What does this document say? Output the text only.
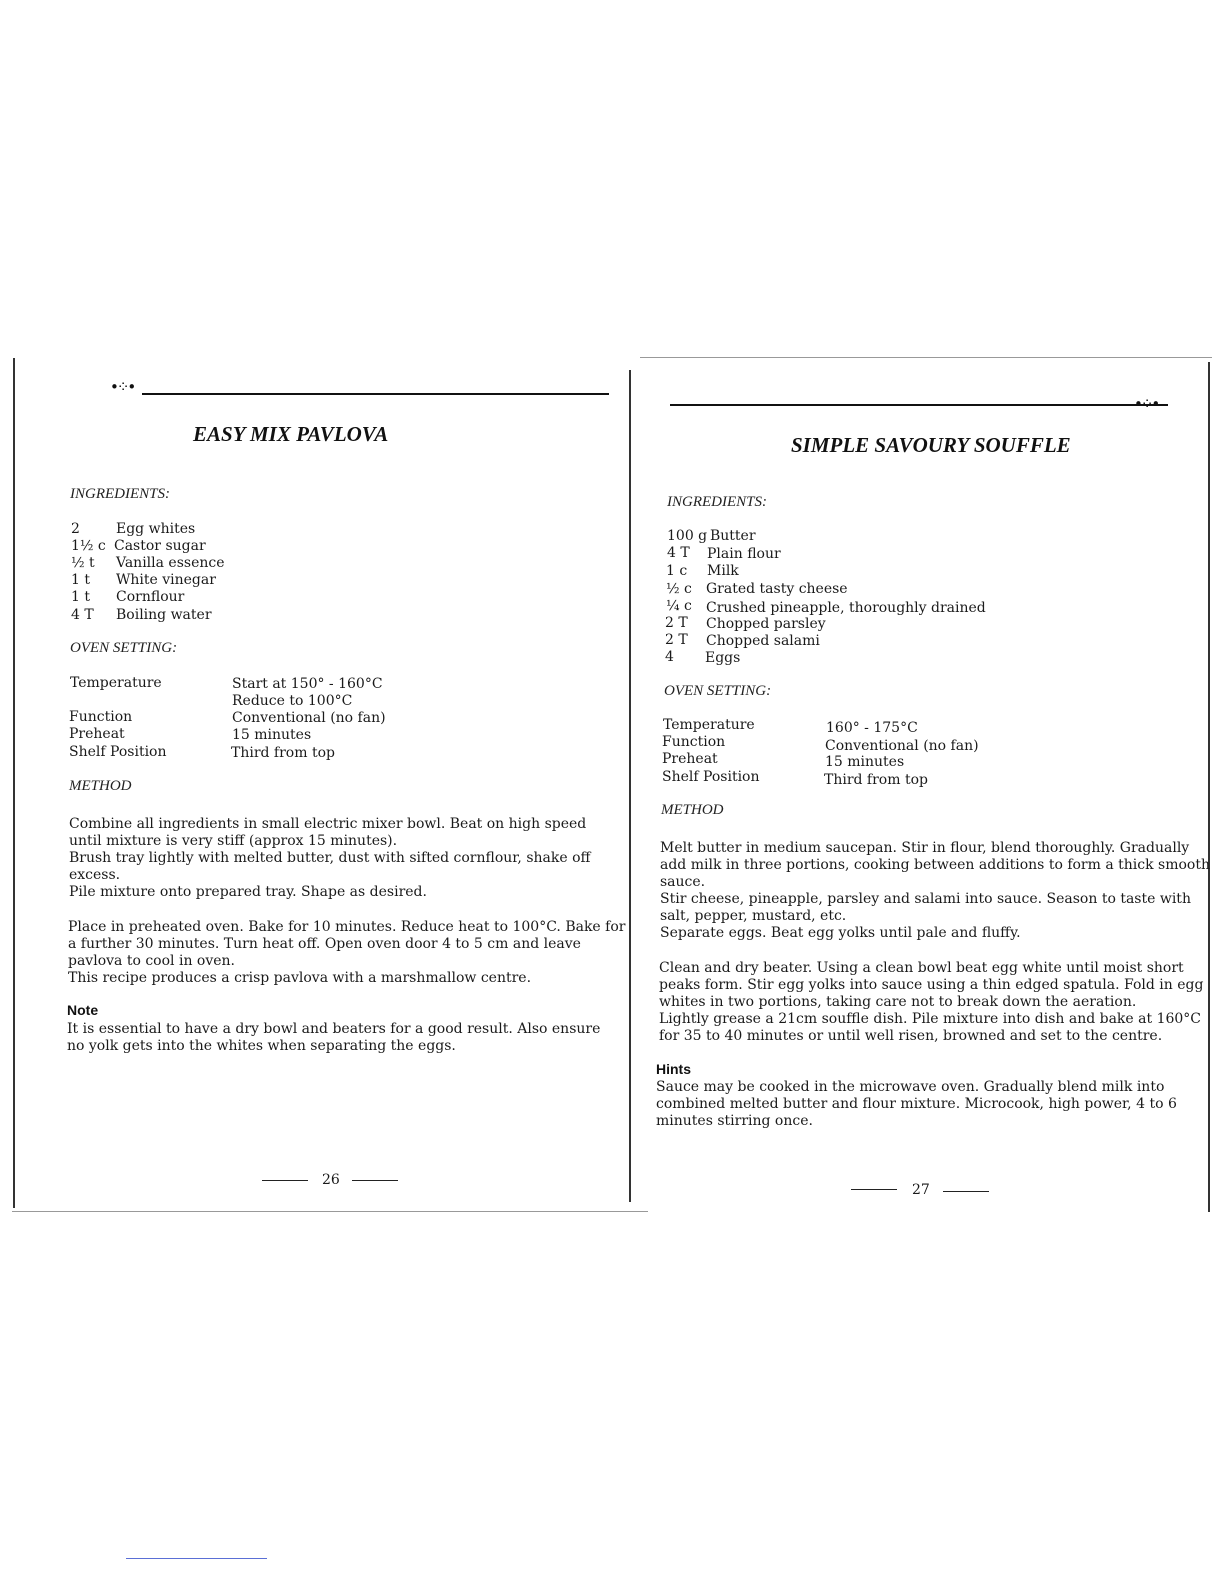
•⁘•
EASY MIX PAVLOVA
INGREDIENTS:
2	Egg whites
1½ c Castor sugar
½ t Vanilla essence
1 t White vinegar
1 t Cornflour
4 T Boiling water
OVEN SETTING:
Temperature	Start at 150° - 160°C
Reduce to 100°C
Function	Conventional (no fan)
Preheat	15 minutes
Shelf Position	Third from top
METHOD
Combine all ingredients in small electric mixer bowl. Beat on high speed
until mixture is very stiff (approx 15 minutes).
Brush tray lightly with melted butter, dust with sifted cornflour, shake off
excess.
Pile mixture onto prepared tray. Shape as desired.
Place in preheated oven. Bake for 10 minutes. Reduce heat to 100°C. Bake for
a further 30 minutes. Turn heat off. Open oven door 4 to 5 cm and leave
pavlova to cool in oven.
This recipe produces a crisp pavlova with a marshmallow centre.
Note
It is essential to have a dry bowl and beaters for a good result. Also ensure
no yolk gets into the whites when separating the eggs.
26
•⁘•
SIMPLE SAVOURY SOUFFLE
INGREDIENTS:
100 g Butter
4 T Plain flour
1 c Milk
½ c Grated tasty cheese
¼ c Crushed pineapple, thoroughly drained
2 T Chopped parsley
2 T Chopped salami
4 Eggs
OVEN SETTING:
Temperature	160° - 175°C
Function	Conventional (no fan)
Preheat	15 minutes
Shelf Position	Third from top
METHOD
Melt butter in medium saucepan. Stir in flour, blend thoroughly. Gradually
add milk in three portions, cooking between additions to form a thick smooth
sauce.
Stir cheese, pineapple, parsley and salami into sauce. Season to taste with
salt, pepper, mustard, etc.
Separate eggs. Beat egg yolks until pale and fluffy.
Clean and dry beater. Using a clean bowl beat egg white until moist short
peaks form. Stir egg yolks into sauce using a thin edged spatula. Fold in egg
whites in two portions, taking care not to break down the aeration.
Lightly grease a 21cm souffle dish. Pile mixture into dish and bake at 160°C
for 35 to 40 minutes or until well risen, browned and set to the centre.
Hints
Sauce may be cooked in the microwave oven. Gradually blend milk into
combined melted butter and flour mixture. Microcook, high power, 4 to 6
minutes stirring once.
27
